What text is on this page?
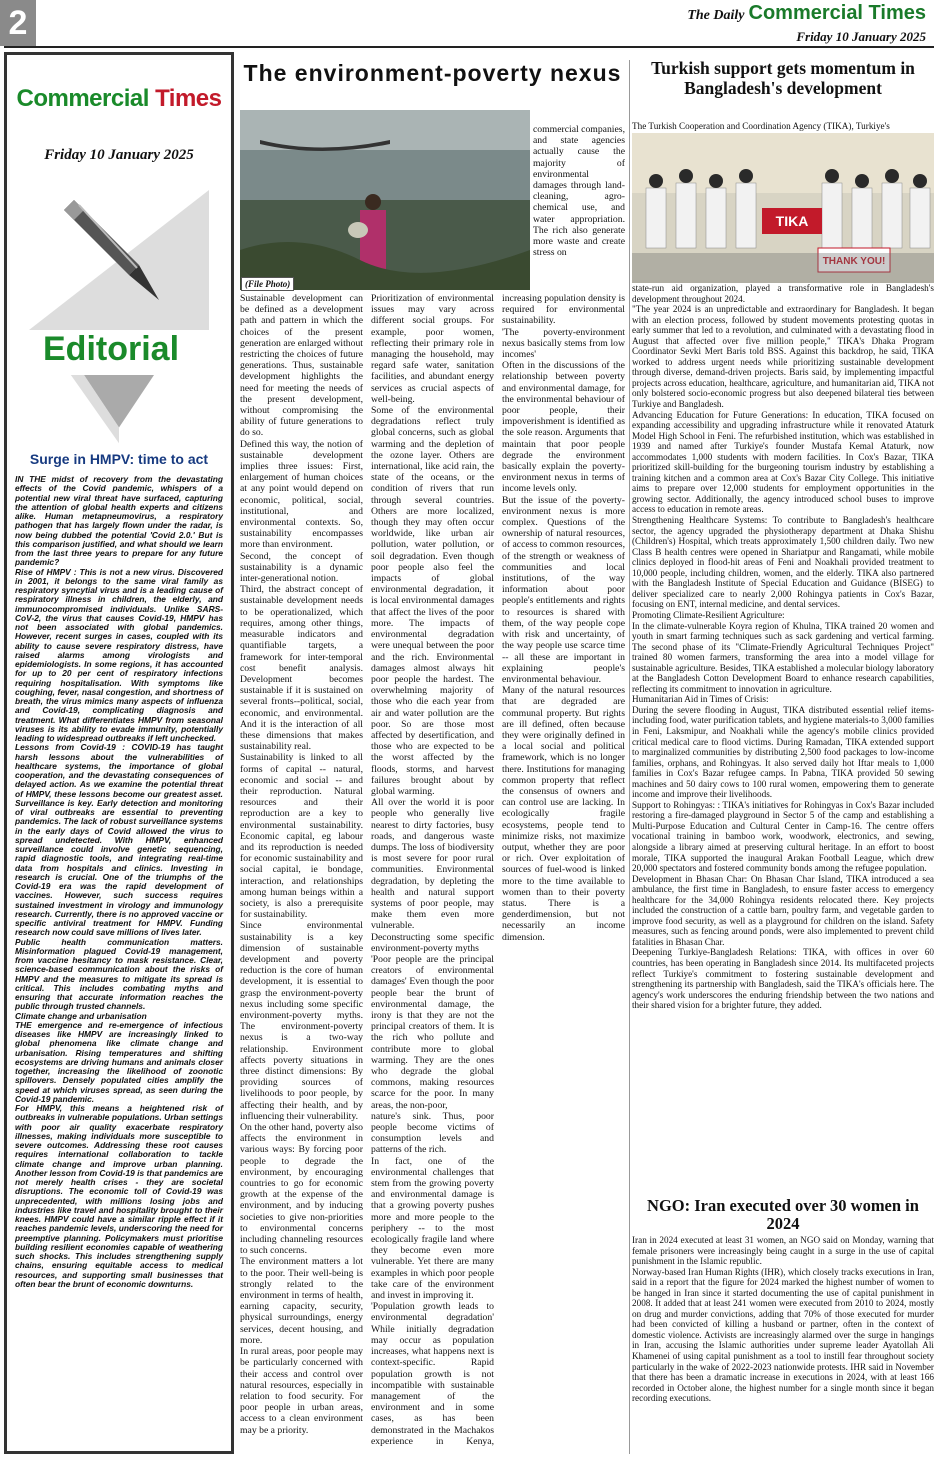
2	The Daily Commercial Times
Friday 10 January 2025
Commercial Times
Friday 10 January 2025
Editorial
Surge in HMPV: time to act

IN THE midst of recovery from the devastating effects of the Covid pandemic, whispers of a potential new viral threat have surfaced, capturing the attention of global health experts and citizens alike. Human metapneumovirus, a respiratory pathogen that has largely flown under the radar, is now being dubbed the potential 'Covid 2.0.' But is this comparison justified, and what should we learn from the last three years to prepare for any future pandemic?

Rise of HMPV : This is not a new virus. Discovered in 2001, it belongs to the same viral family as respiratory syncytial virus and is a leading cause of respiratory illness in children, the elderly, and immunocompromised individuals. Unlike SARS-CoV-2, the virus that causes Covid-19, HMPV has not been associated with global pandemics. However, recent surges in cases, coupled with its ability to cause severe respiratory distress, have raised alarms among virologists and epidemiologists. In some regions, it has accounted for up to 20 per cent of respiratory infections requiring hospitalisation. With symptoms like coughing, fever, nasal congestion, and shortness of breath, the virus mimics many aspects of influenza and Covid-19, complicating diagnosis and treatment. What differentiates HMPV from seasonal viruses is its ability to evade immunity, potentially leading to widespread outbreaks if left unchecked.

Lessons from Covid-19 : COVID-19 has taught harsh lessons about the vulnerabilities of healthcare systems, the importance of global cooperation, and the devastating consequences of delayed action. As we examine the potential threat of HMPV, these lessons become our greatest asset. Surveillance is key. Early detection and monitoring of viral outbreaks are essential to preventing pandemics. The lack of robust surveillance systems in the early days of Covid allowed the virus to spread undetected. With HMPV, enhanced surveillance could involve genetic sequencing, rapid diagnostic tools, and integrating real-time data from hospitals and clinics. Investing in research is crucial. One of the triumphs of the Covid-19 era was the rapid development of vaccines. However, such success requires sustained investment in virology and immunology research. Currently, there is no approved vaccine or specific antiviral treatment for HMPV. Funding research now could save millions of lives later.

Public health communication matters. Misinformation plagued Covid-19 management, from vaccine hesitancy to mask resistance. Clear, science-based communication about the risks of HMPV and the measures to mitigate its spread is critical. This includes combating myths and ensuring that accurate information reaches the public through trusted channels.

Climate change and urbanisation

THE emergence and re-emergence of infectious diseases like HMPV are increasingly linked to global phenomena like climate change and urbanisation. Rising temperatures and shifting ecosystems are driving humans and animals closer together, increasing the likelihood of zoonotic spillovers. Densely populated cities amplify the speed at which viruses spread, as seen during the Covid-19 pandemic.

For HMPV, this means a heightened risk of outbreaks in vulnerable populations. Urban settings with poor air quality exacerbate respiratory illnesses, making individuals more susceptible to severe outcomes. Addressing these root causes requires international collaboration to tackle climate change and improve urban planning. Another lesson from Covid-19 is that pandemics are not merely health crises - they are societal disruptions. The economic toll of Covid-19 was unprecedented, with millions losing jobs and industries like travel and hospitality brought to their knees. HMPV could have a similar ripple effect if it reaches pandemic levels, underscoring the need for preemptive planning. Policymakers must prioritise building resilient economies capable of weathering such shocks. This includes strengthening supply chains, ensuring equitable access to medical resources, and supporting small businesses that often bear the brunt of economic downturns.

The environment-poverty nexus
(File Photo)

commercial companies, and state agencies actually cause the majority of environmental damages through land-cleaning, agro-chemical use, and water appropriation. The rich also generate more waste and create stress on

Sustainable development can be defined as a development path and pattern in which the choices of the present generation are enlarged without restricting the choices of future generations. Thus, sustainable development highlights the need for meeting the needs of the present development, without compromising the ability of future generations to do so.

Defined this way, the notion of sustainable development implies three issues: First, enlargement of human choices at any point would depend on economic, political, social, institutional, and environmental contexts. So, sustainability encompasses more than environment.

Second, the concept of sustainability is a dynamic inter-generational notion.

Third, the abstract concept of sustainable development needs to be operationalized, which requires, among other things, measurable indicators and quantifiable targets, a framework for inter-temporal cost benefit analysis. Development becomes sustainable if it is sustained on several fronts--political, social, economic, and environmental. And it is the interaction of all these dimensions that makes sustainability real.

Sustainability is linked to all forms of capital -- natural, economic and social -- and their reproduction. Natural resources and their reproduction are a key to environmental sustainability. Economic capital, eg labour and its reproduction is needed for economic sustainability and social capital, ie bondage, interaction, and relationships among human beings within a society, is also a prerequisite for sustainability.

Since environmental sustainability is a key dimension of sustainable development and poverty reduction is the core of human development, it is essential to grasp the environment-poverty nexus including some specific environment-poverty myths. The environment-poverty nexus is a two-way relationship. Environment affects poverty situations in three distinct dimensions: By providing sources of livelihoods to poor people, by affecting their health, and by influencing their vulnerability.

On the other hand, poverty also affects the environment in various ways: By forcing poor people to degrade the environment, by encouraging countries to go for economic growth at the expense of the environment, and by inducing societies to give non-priorities to environmental concerns including channeling resources to such concerns.

The environment matters a lot to the poor. Their well-being is strongly related to the environment in terms of health, earning capacity, security, physical surroundings, energy services, decent housing, and more.

In rural areas, poor people may be particularly concerned with their access and control over natural resources, especially in relation to food security. For poor people in urban areas, access to a clean environment may be a priority.

Prioritization of environmental issues may vary across different social groups. For example, poor women, reflecting their primary role in managing the household, may regard safe water, sanitation facilities, and abundant energy services as crucial aspects of well-being.

Some of the environmental degradations reflect truly global concerns, such as global warming and the depletion of the ozone layer. Others are international, like acid rain, the state of the oceans, or the condition of rivers that run through several countries. Others are more localized, though they may often occur worldwide, like urban air pollution, water pollution, or soil degradation. Even though poor people also feel the impacts of global environmental degradation, it is local environmental damages that affect the lives of the poor more. The impacts of environmental degradation were unequal between the poor and the rich. Environmental damages almost always hit poor people the hardest. The overwhelming majority of those who die each year from air and water pollution are the poor. So are those most affected by desertification, and those who are expected to be the worst affected by the floods, storms, and harvest failures brought about by global warming.

All over the world it is poor people who generally live nearest to dirty factories, busy roads, and dangerous waste dumps. The loss of biodiversity is most severe for poor rural communities. Environmental degradation, by depleting the health and natural support systems of poor people, may make them even more vulnerable.

Deconstructing some specific environment-poverty myths

'Poor people are the principal creators of environmental damages' Even though the poor people bear the brunt of environmental damage, the irony is that they are not the principal creators of them. It is the rich who pollute and contribute more to global warming. They are the ones who degrade the global commons, making resources scarce for the poor. In many areas, the non-poor,

nature's sink. Thus, poor people become victims of consumption levels and patterns of the rich.

In fact, one of the environmental challenges that stem from the growing poverty and environmental damage is that a growing poverty pushes more and more people to the periphery -- to the most ecologically fragile land where they become even more vulnerable. Yet there are many examples in which poor people take care of the environment and invest in improving it.

'Population growth leads to environmental degradation' While initially degradation may occur as population increases, what happens next is context-specific. Rapid population growth is not incompatible with sustainable management of the environment and in some cases, as has been demonstrated in the Machakos experience in Kenya, increasing population density is required for environmental sustainability.

'The poverty-environment nexus basically stems from low incomes'

Often in the discussions of the relationship between poverty and environmental damage, for the environmental behaviour of poor people, their impoverishment is identified as the sole reason. Arguments that maintain that poor people degrade the environment basically explain the poverty-environment nexus in terms of income levels only.

But the issue of the poverty-environment nexus is more complex. Questions of the ownership of natural resources, of access to common resources, of the strength or weakness of communities and local institutions, of the way information about poor people's entitlements and rights to resources is shared with them, of the way people cope with risk and uncertainty, of the way people use scarce time -- all these are important in explaining people's environmental behaviour.

Many of the natural resources that are degraded are communal property. But rights are ill defined, often because they were originally defined in a local social and political framework, which is no longer there. Institutions for managing common property that reflect the consensus of owners and can control use are lacking. In ecologically fragile ecosystems, people tend to minimize risks, not maximize output, whether they are poor or rich. Over exploitation of sources of fuel-wood is linked more to the time available to women than to their poverty status. There is a genderdimension, but not necessarily an income dimension.

Turkish support gets momentum in Bangladesh's development
The Turkish Cooperation and Coordination Agency (TIKA), Turkiye's
TIKA
THANK YOU!

state-run aid organization, played a transformative role in Bangladesh's development throughout 2024.

"The year 2024 is an unpredictable and extraordinary for Bangladesh. It began with an election process, followed by student movements protesting quotas in early summer that led to a revolution, and culminated with a devastating flood in August that affected over five million people," TIKA's Dhaka Program Coordinator Sevki Mert Baris told BSS. Against this backdrop, he said, TIKA worked to address urgent needs while prioritizing sustainable development through diverse, demand-driven projects. Baris said, by implementing impactful projects across education, healthcare, agriculture, and humanitarian aid, TIKA not only bolstered socio-economic progress but also deepened bilateral ties between Turkiye and Bangladesh.

Advancing Education for Future Generations: In education, TIKA focused on expanding accessibility and upgrading infrastructure while it renovated Ataturk Model High School in Feni. The refurbished institution, which was established in 1939 and named after Turkiye's founder Mustafa Kemal Ataturk, now accommodates 1,000 students with modern facilities. In Cox's Bazar, TIKA prioritized skill-building for the burgeoning tourism industry by establishing a training kitchen and a common area at Cox's Bazar City College. This initiative aims to prepare over 12,000 students for employment opportunities in the growing sector. Additionally, the agency introduced school buses to improve access to education in remote areas.

Strengthening Healthcare Systems: To contribute to Bangladesh's healthcare sector, the agency upgraded the physiotherapy department at Dhaka Shishu (Children's) Hospital, which treats approximately 1,500 children daily. Two new Class B health centres were opened in Shariatpur and Rangamati, while mobile clinics deployed in flood-hit areas of Feni and Noakhali provided treatment to 10,000 people, including children, women, and the elderly. TIKA also partnered with the Bangladesh Institute of Special Education and Guidance (BISEG) to deliver specialized care to nearly 2,000 Rohingya patients in Cox's Bazar, focusing on ENT, internal medicine, and dental services.

Promoting Climate-Resilient Agriculture:

In the climate-vulnerable Koyra region of Khulna, TIKA trained 20 women and youth in smart farming techniques such as sack gardening and vertical farming. The second phase of its "Climate-Friendly Agricultural Techniques Project" trained 80 women farmers, transforming the area into a model village for sustainable agriculture. Besides, TIKA established a molecular biology laboratory at the Bangladesh Cotton Development Board to enhance research capabilities, reflecting its commitment to innovation in agriculture.

Humanitarian Aid in Times of Crisis:

During the severe flooding in August, TIKA distributed essential relief items- including food, water purification tablets, and hygiene materials-to 3,000 families in Feni, Laksmipur, and Noakhali while the agency's mobile clinics provided critical medical care to flood victims. During Ramadan, TIKA extended support to marginalized communities by distributing 2,500 food packages to low-income families, orphans, and Rohingyas. It also served daily hot Iftar meals to 1,000 families in Cox's Bazar refugee camps. In Pabna, TIKA provided 50 sewing machines and 50 dairy cows to 100 rural women, empowering them to generate income and improve their livelihoods.

Support to Rohingyas: : TIKA's initiatives for Rohingyas in Cox's Bazar included restoring a fire-damaged playground in Sector 5 of the camp and establishing a Multi-Purpose Education and Cultural Center in Camp-16. The centre offers vocational training in bamboo work, woodwork, electronics, and sewing, alongside a library aimed at preserving cultural heritage. In an effort to boost morale, TIKA supported the inaugural Arakan Football League, which drew 20,000 spectators and fostered community bonds among the refugee population.

Development in Bhasan Char: On Bhasan Char Island, TIKA introduced a sea ambulance, the first time in Bangladesh, to ensure faster access to emergency healthcare for the 34,000 Rohingya residents relocated there. Key projects included the construction of a cattle barn, poultry farm, and vegetable garden to improve food security, as well as a playground for children on the island. Safety measures, such as fencing around ponds, were also implemented to prevent child fatalities in Bhasan Char.

Deepening Turkiye-Bangladesh Relations: TIKA, with offices in over 60 countries, has been operating in Bangladesh since 2014. Its multifaceted projects reflect Turkiye's commitment to fostering sustainable development and strengthening its partnership with Bangladesh, said the TIKA's officials here. The agency's work underscores the enduring friendship between the two nations and their shared vision for a brighter future, they added.

NGO: Iran executed over 30 women in 2024

Iran in 2024 executed at least 31 women, an NGO said on Monday, warning that female prisoners were increasingly being caught in a surge in the use of capital punishment in the Islamic republic.

Norway-based Iran Human Rights (IHR), which closely tracks executions in Iran, said in a report that the figure for 2024 marked the highest number of women to be hanged in Iran since it started documenting the use of capital punishment in 2008. It added that at least 241 women were executed from 2010 to 2024, mostly on drug and murder convictions, adding that 70% of those executed for murder had been convicted of killing a husband or partner, often in the context of domestic violence. Activists are increasingly alarmed over the surge in hangings in Iran, accusing the Islamic authorities under supreme leader Ayatollah Ali Khamenei of using capital punishment as a tool to instill fear throughout society particularly in the wake of 2022-2023 nationwide protests. IHR said in November that there has been a dramatic increase in executions in 2024, with at least 166 recorded in October alone, the highest number for a single month since it began recording executions.
